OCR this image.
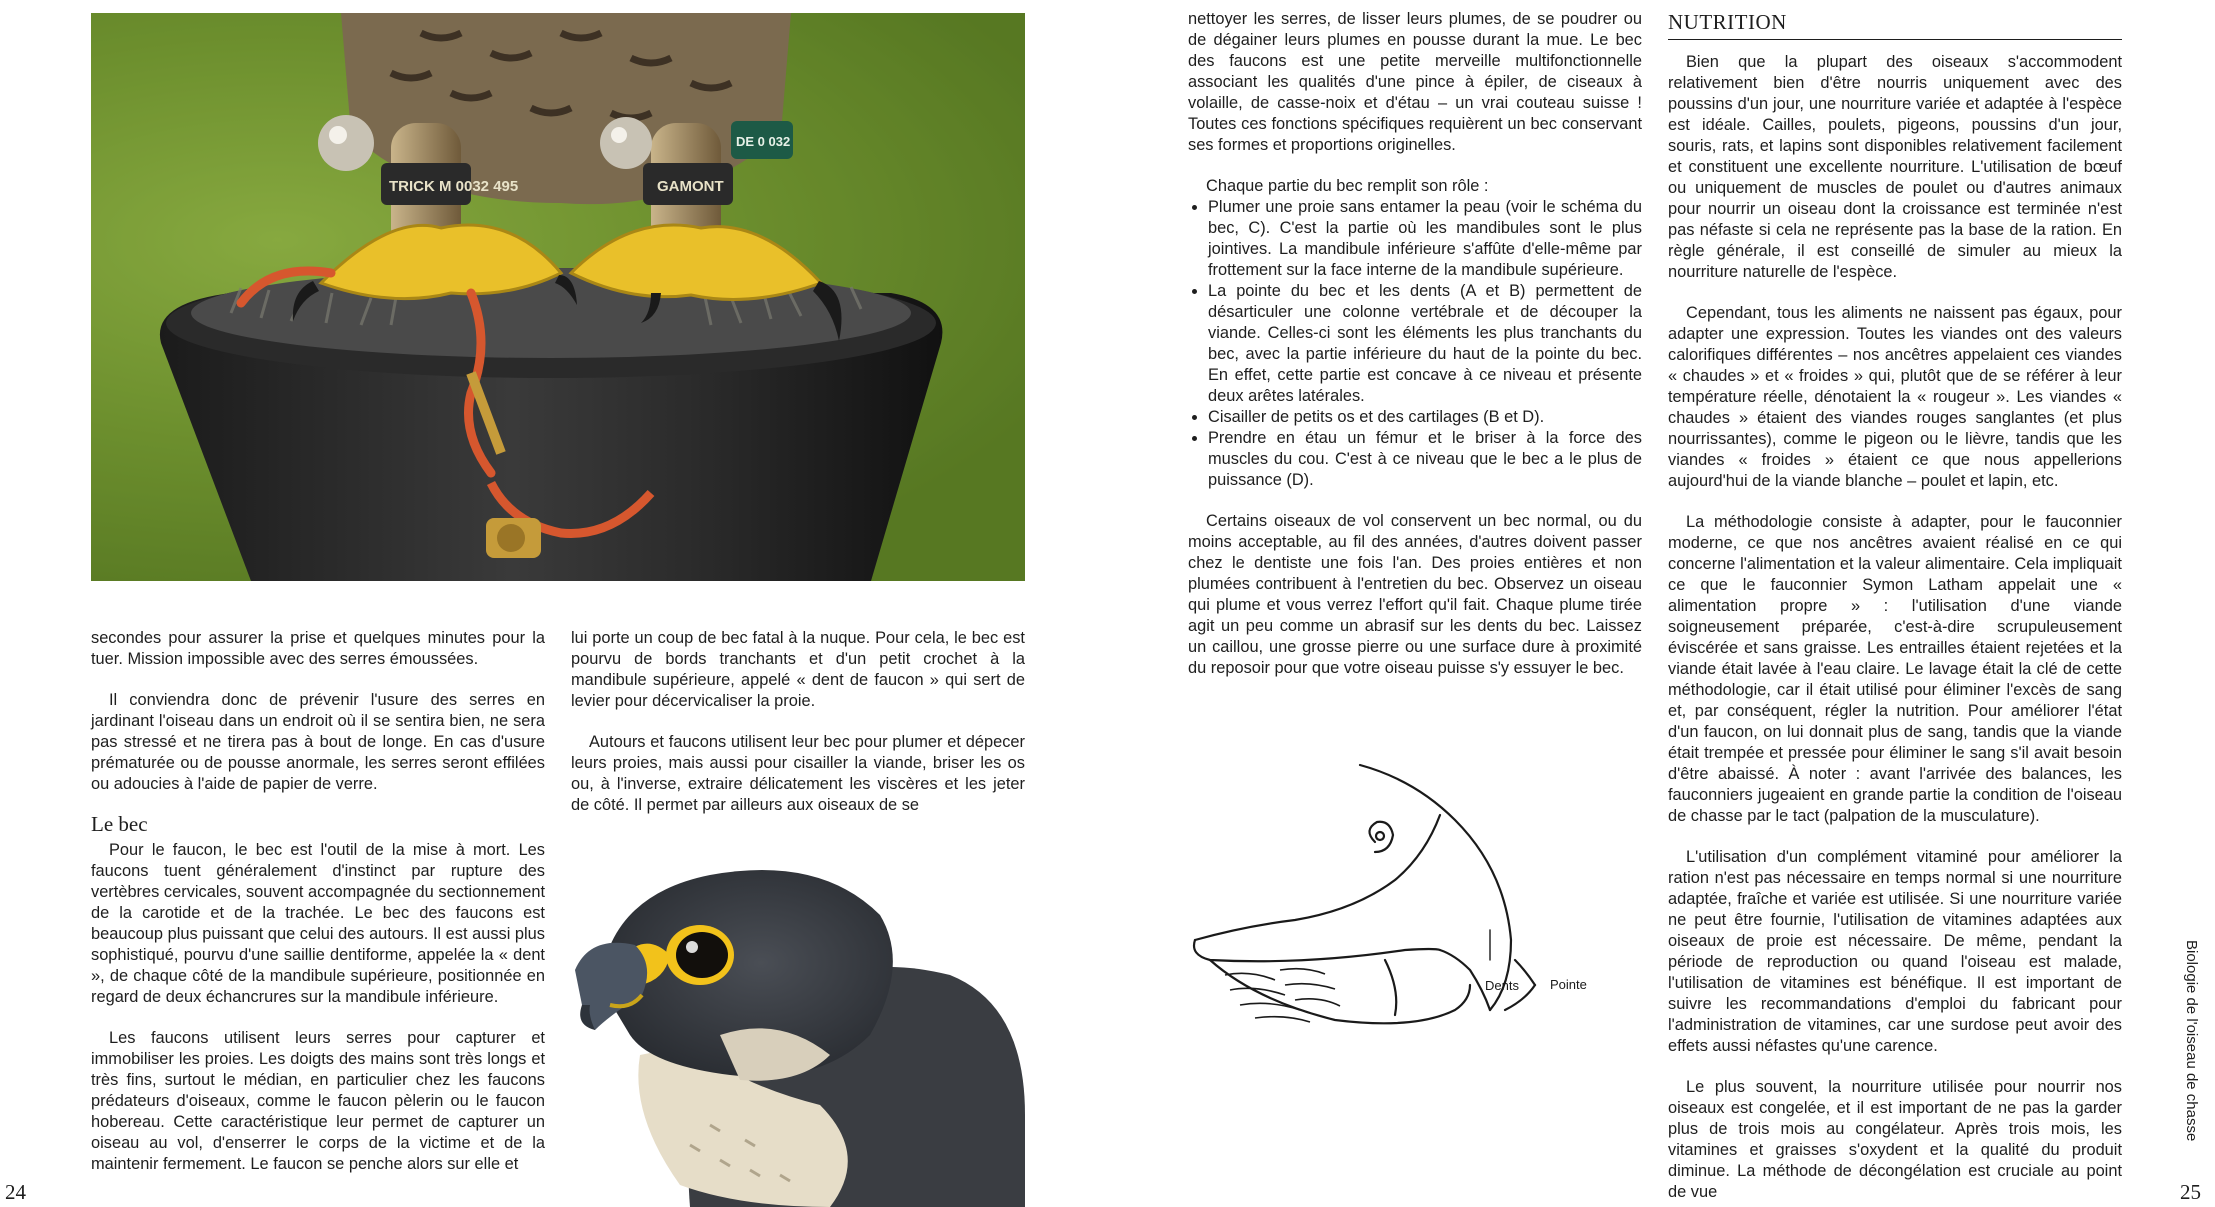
TRICK M 0032 495	GAMONT
DE 0 032

secondes pour assurer la prise et quelques minutes pour la tuer. Mission impossible avec des serres émoussées.

Il conviendra donc de prévenir l'usure des serres en jardinant l'oiseau dans un endroit où il se sentira bien, ne sera pas stressé et ne tirera pas à bout de longe. En cas d'usure prématurée ou de pousse anormale, les serres seront effilées ou adoucies à l'aide de papier de verre.

Le bec

Pour le faucon, le bec est l'outil de la mise à mort. Les faucons tuent généralement d'instinct par rupture des vertèbres cervicales, souvent accompagnée du sectionnement de la carotide et de la trachée. Le bec des faucons est beaucoup plus puissant que celui des autours. Il est aussi plus sophistiqué, pourvu d'une saillie dentiforme, appelée la « dent », de chaque côté de la mandibule supérieure, positionnée en regard de deux échancrures sur la mandibule inférieure.

Les faucons utilisent leurs serres pour capturer et immobiliser les proies. Les doigts des mains sont très longs et très fins, surtout le médian, en particulier chez les faucons prédateurs d'oiseaux, comme le faucon pèlerin ou le faucon hobereau. Cette caractéristique leur permet de capturer un oiseau au vol, d'enserrer le corps de la victime et de la maintenir fermement. Le faucon se penche alors sur elle et

lui porte un coup de bec fatal à la nuque. Pour cela, le bec est pourvu de bords tranchants et d'un petit crochet à la mandibule supérieure, appelé « dent de faucon » qui sert de levier pour décervicaliser la proie.

Autours et faucons utilisent leur bec pour plumer et dépecer leurs proies, mais aussi pour cisailler la viande, briser les os ou, à l'inverse, extraire délicatement les viscères et les jeter de côté. Il permet par ailleurs aux oiseaux de se

nettoyer les serres, de lisser leurs plumes, de se poudrer ou de dégainer leurs plumes en pousse durant la mue. Le bec des faucons est une petite merveille multifonctionnelle associant les qualités d'une pince à épiler, de ciseaux à volaille, de casse-noix et d'étau – un vrai couteau suisse ! Toutes ces fonctions spécifiques requièrent un bec conservant ses formes et proportions originelles.

Chaque partie du bec remplit son rôle :

• Plumer une proie sans entamer la peau (voir le schéma du bec, C). C'est la partie où les mandibules sont le plus jointives. La mandibule inférieure s'affûte d'elle-même par frottement sur la face interne de la mandibule supérieure.
• La pointe du bec et les dents (A et B) permettent de désarticuler une colonne vertébrale et de découper la viande. Celles-ci sont les éléments les plus tranchants du bec, avec la partie inférieure du haut de la pointe du bec. En effet, cette partie est concave à ce niveau et présente deux arêtes latérales.
• Cisailler de petits os et des cartilages (B et D).
• Prendre en étau un fémur et le briser à la force des muscles du cou. C'est à ce niveau que le bec a le plus de puissance (D).

Certains oiseaux de vol conservent un bec normal, ou du moins acceptable, au fil des années, d'autres doivent passer chez le dentiste une fois l'an. Des proies entières et non plumées contribuent à l'entretien du bec. Observez un oiseau qui plume et vous verrez l'effort qu'il fait. Chaque plume tirée agit un peu comme un abrasif sur les dents du bec. Laissez un caillou, une grosse pierre ou une surface dure à proximité du reposoir pour que votre oiseau puisse s'y essuyer le bec.

Dents Pointe
NUTRITION

Bien que la plupart des oiseaux s'accommodent relativement bien d'être nourris uniquement avec des poussins d'un jour, une nourriture variée et adaptée à l'espèce est idéale. Cailles, poulets, pigeons, poussins d'un jour, souris, rats, et lapins sont disponibles relativement facilement et constituent une excellente nourriture. L'utilisation de bœuf ou uniquement de muscles de poulet ou d'autres animaux pour nourrir un oiseau dont la croissance est terminée n'est pas néfaste si cela ne représente pas la base de la ration. En règle générale, il est conseillé de simuler au mieux la nourriture naturelle de l'espèce.

Cependant, tous les aliments ne naissent pas égaux, pour adapter une expression. Toutes les viandes ont des valeurs calorifiques différentes – nos ancêtres appelaient ces viandes « chaudes » et « froides » qui, plutôt que de se référer à leur température réelle, dénotaient la « rougeur ». Les viandes « chaudes » étaient des viandes rouges sanglantes (et plus nourrissantes), comme le pigeon ou le lièvre, tandis que les viandes « froides » étaient ce que nous appellerions aujourd'hui de la viande blanche – poulet et lapin, etc.

La méthodologie consiste à adapter, pour le fauconnier moderne, ce que nos ancêtres avaient réalisé en ce qui concerne l'alimentation et la valeur alimentaire. Cela impliquait ce que le fauconnier Symon Latham appelait une « alimentation propre » : l'utilisation d'une viande soigneusement préparée, c'est-à-dire scrupuleusement éviscérée et sans graisse. Les entrailles étaient rejetées et la viande était lavée à l'eau claire. Le lavage était la clé de cette méthodologie, car il était utilisé pour éliminer l'excès de sang et, par conséquent, régler la nutrition. Pour améliorer l'état d'un faucon, on lui donnait plus de sang, tandis que la viande était trempée et pressée pour éliminer le sang s'il avait besoin d'être abaissé. À noter : avant l'arrivée des balances, les fauconniers jugeaient en grande partie la condition de l'oiseau de chasse par le tact (palpation de la musculature).

L'utilisation d'un complément vitaminé pour améliorer la ration n'est pas nécessaire en temps normal si une nourriture adaptée, fraîche et variée est utilisée. Si une nourriture variée ne peut être fournie, l'utilisation de vitamines adaptées aux oiseaux de proie est nécessaire. De même, pendant la période de reproduction ou quand l'oiseau est malade, l'utilisation de vitamines est bénéfique. Il est important de suivre les recommandations d'emploi du fabricant pour l'administration de vitamines, car une surdose peut avoir des effets aussi néfastes qu'une carence.

Le plus souvent, la nourriture utilisée pour nourrir nos oiseaux est congelée, et il est important de ne pas la garder plus de trois mois au congélateur. Après trois mois, les vitamines et graisses s'oxydent et la qualité du produit diminue. La méthode de décongélation est cruciale au point de vue

24	25
Biologie de l'oiseau de chasse
